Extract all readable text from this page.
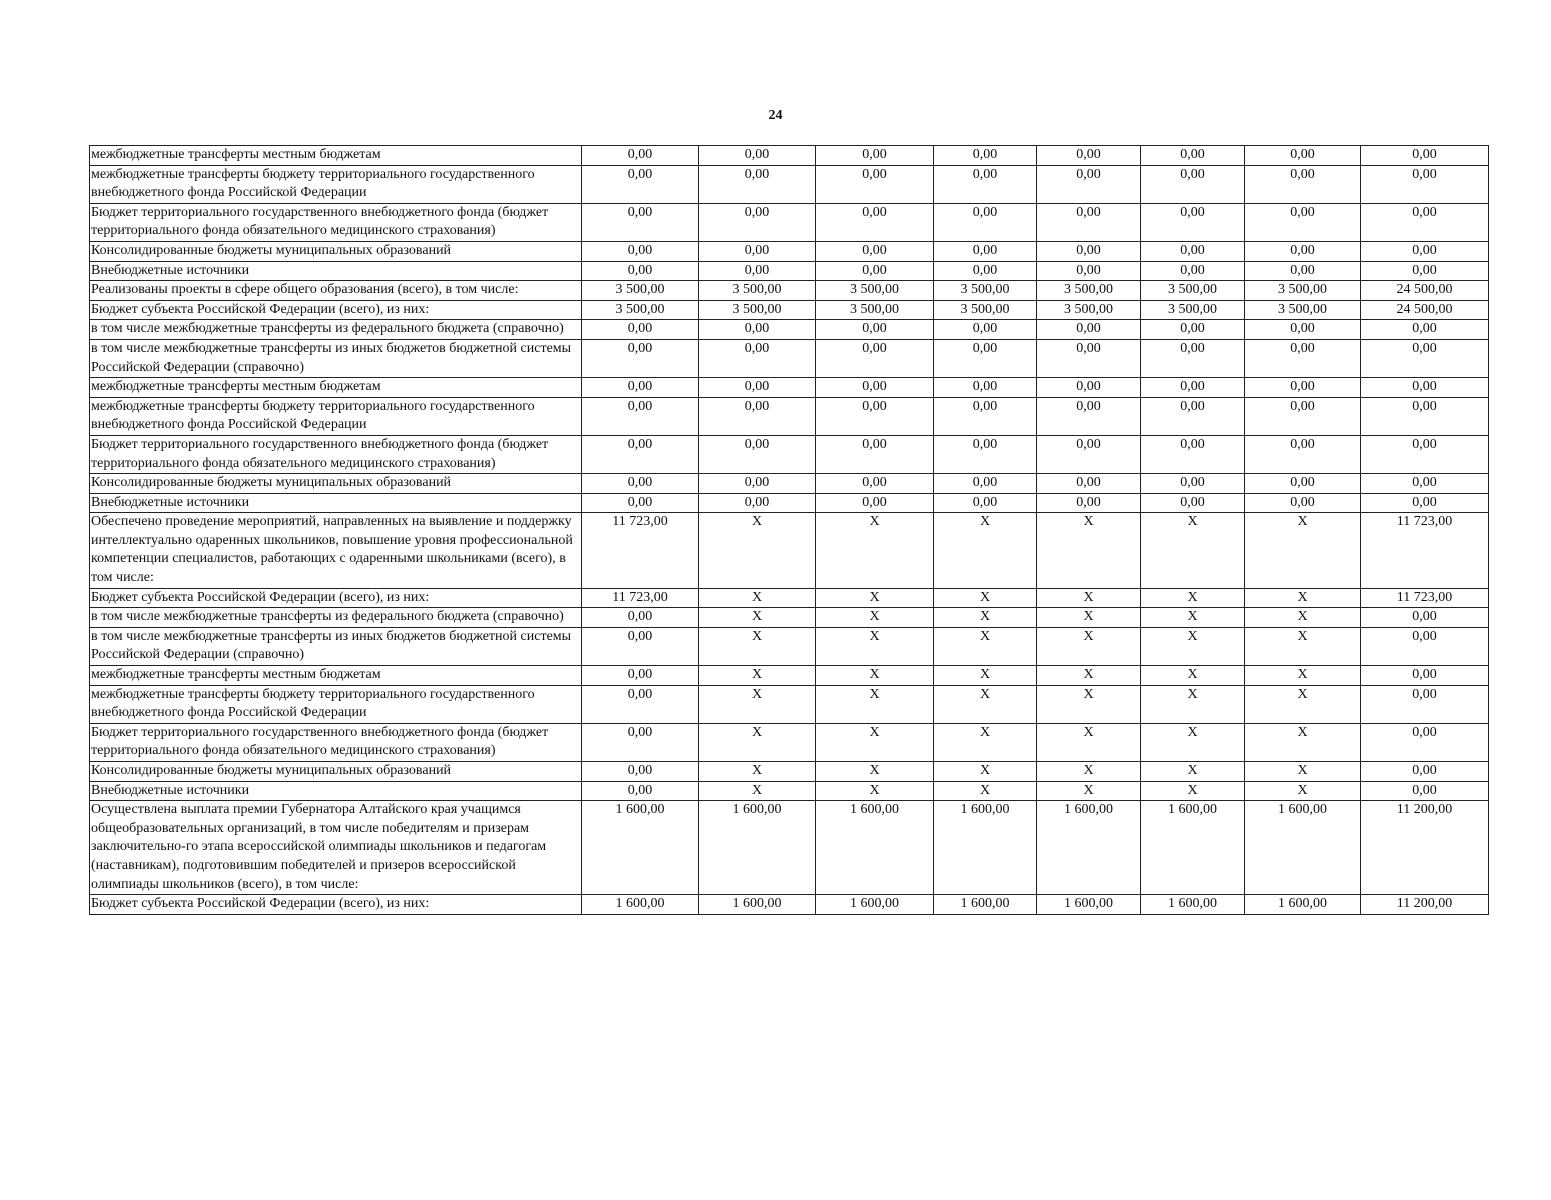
24
межбюджетные трансферты местным бюджетам	0,00	0,00	0,00	0,00	0,00	0,00	0,00	0,00
межбюджетные трансферты бюджету территориального государственного внебюджетного фонда Российской Федерации	0,00	0,00	0,00	0,00	0,00	0,00	0,00	0,00
Бюджет территориального государственного внебюджетного фонда (бюджет территориального фонда обязательного медицинского страхования)	0,00	0,00	0,00	0,00	0,00	0,00	0,00	0,00
Консолидированные бюджеты муниципальных образований	0,00	0,00	0,00	0,00	0,00	0,00	0,00	0,00
Внебюджетные источники	0,00	0,00	0,00	0,00	0,00	0,00	0,00	0,00
Реализованы проекты в сфере общего образования (всего), в том числе:	3 500,00	3 500,00	3 500,00	3 500,00	3 500,00	3 500,00	3 500,00	24 500,00
Бюджет субъекта Российской Федерации (всего), из них:	3 500,00	3 500,00	3 500,00	3 500,00	3 500,00	3 500,00	3 500,00	24 500,00
в том числе межбюджетные трансферты из федерального бюджета (справочно)	0,00	0,00	0,00	0,00	0,00	0,00	0,00	0,00
в том числе межбюджетные трансферты из иных бюджетов бюджетной системы Российской Федерации (справочно)	0,00	0,00	0,00	0,00	0,00	0,00	0,00	0,00
межбюджетные трансферты местным бюджетам	0,00	0,00	0,00	0,00	0,00	0,00	0,00	0,00
межбюджетные трансферты бюджету территориального государственного внебюджетного фонда Российской Федерации	0,00	0,00	0,00	0,00	0,00	0,00	0,00	0,00
Бюджет территориального государственного внебюджетного фонда (бюджет территориального фонда обязательного медицинского страхования)	0,00	0,00	0,00	0,00	0,00	0,00	0,00	0,00
Консолидированные бюджеты муниципальных образований	0,00	0,00	0,00	0,00	0,00	0,00	0,00	0,00
Внебюджетные источники	0,00	0,00	0,00	0,00	0,00	0,00	0,00	0,00
Обеспечено проведение мероприятий, направленных на выявление и поддержку интеллектуально одаренных школьников, повышение уровня профессиональной компетенции специалистов, работающих с одаренными школьниками (всего), в том числе:	11 723,00	X	X	X	X	X	X	11 723,00
Бюджет субъекта Российской Федерации (всего), из них:	11 723,00	X	X	X	X	X	X	11 723,00
в том числе межбюджетные трансферты из федерального бюджета (справочно)	0,00	X	X	X	X	X	X	0,00
в том числе межбюджетные трансферты из иных бюджетов бюджетной системы Российской Федерации (справочно)	0,00	X	X	X	X	X	X	0,00
межбюджетные трансферты местным бюджетам	0,00	X	X	X	X	X	X	0,00
межбюджетные трансферты бюджету территориального государственного внебюджетного фонда Российской Федерации	0,00	X	X	X	X	X	X	0,00
Бюджет территориального государственного внебюджетного фонда (бюджет территориального фонда обязательного медицинского страхования)	0,00	X	X	X	X	X	X	0,00
Консолидированные бюджеты муниципальных образований	0,00	X	X	X	X	X	X	0,00
Внебюджетные источники	0,00	X	X	X	X	X	X	0,00
Осуществлена выплата премии Губернатора Алтайского края учащимся общеобразовательных организаций, в том числе победителям и призерам заключительно-го этапа всероссийской олимпиады школьников и педагогам (наставникам), подготовившим победителей и призеров всероссийской олимпиады школьников (всего), в том числе:	1 600,00	1 600,00	1 600,00	1 600,00	1 600,00	1 600,00	1 600,00	11 200,00
Бюджет субъекта Российской Федерации (всего), из них:	1 600,00	1 600,00	1 600,00	1 600,00	1 600,00	1 600,00	1 600,00	11 200,00
